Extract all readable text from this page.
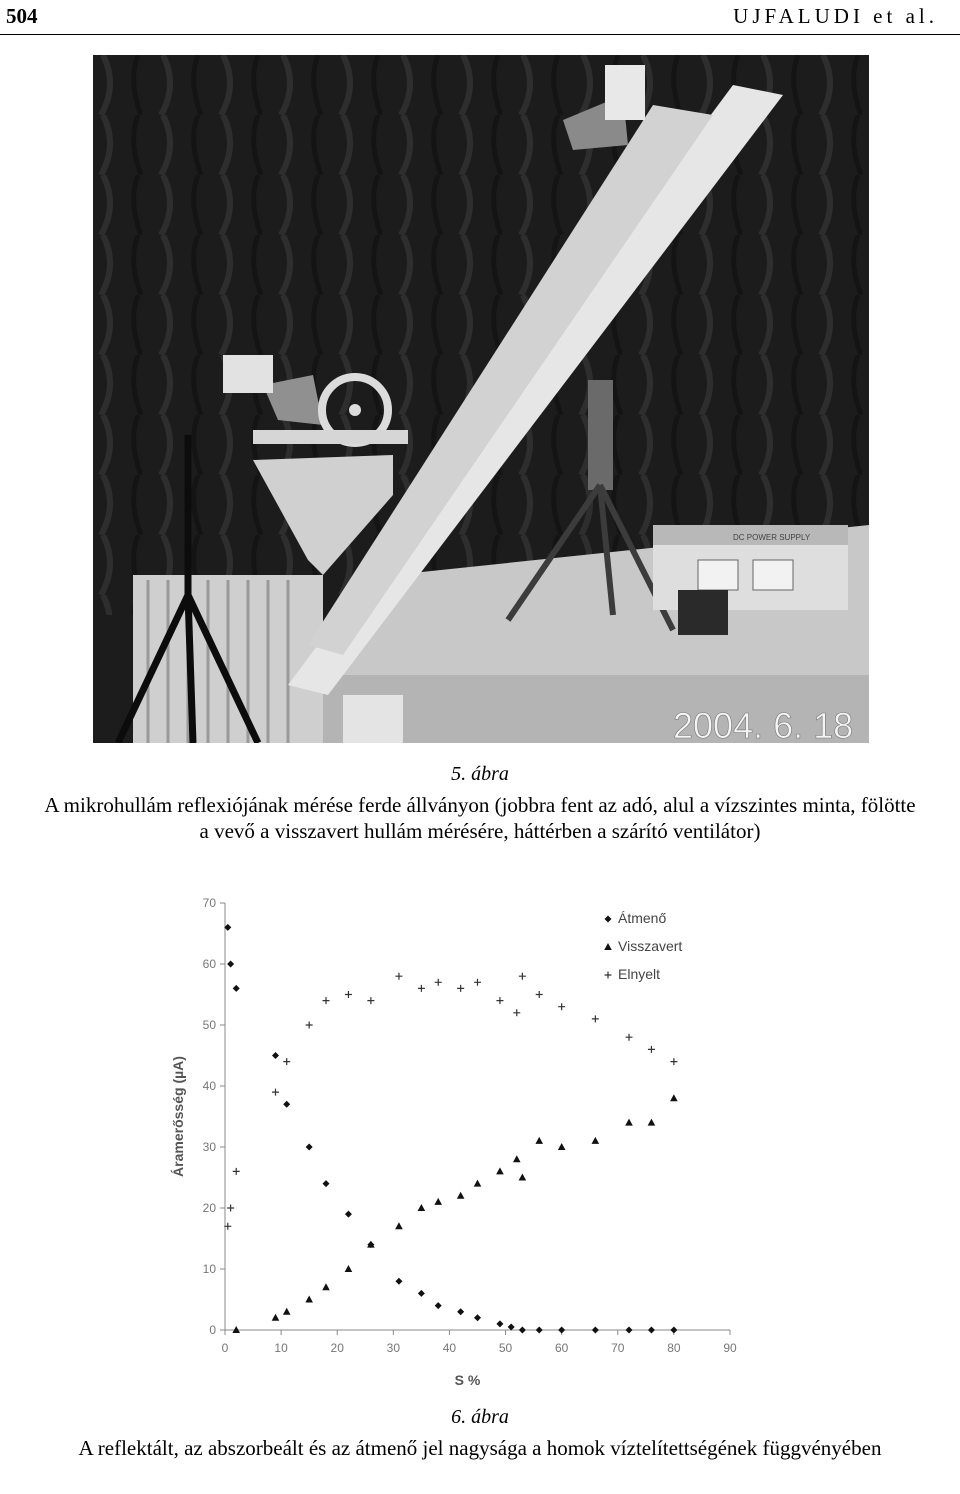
504	UJFALUDI et al.
DC POWER SUPPLY
2004. 6. 18
5. ábra
A mikrohullám reflexiójának mérése ferde állványon (jobbra fent az adó, alul a vízszintes minta, fölötte a vevő a visszavert hullám mérésére, háttérben a szárító ventilátor)
0
10
20
30
40
50
60
70
0	10	20	30	40	50	60	70	80	90
S %
Áramerősség (µA)
Átmenő
Visszavert
Elnyelt
6. ábra
A reflektált, az abszorbeált és az átmenő jel nagysága a homok víztelítettségének függvényében
